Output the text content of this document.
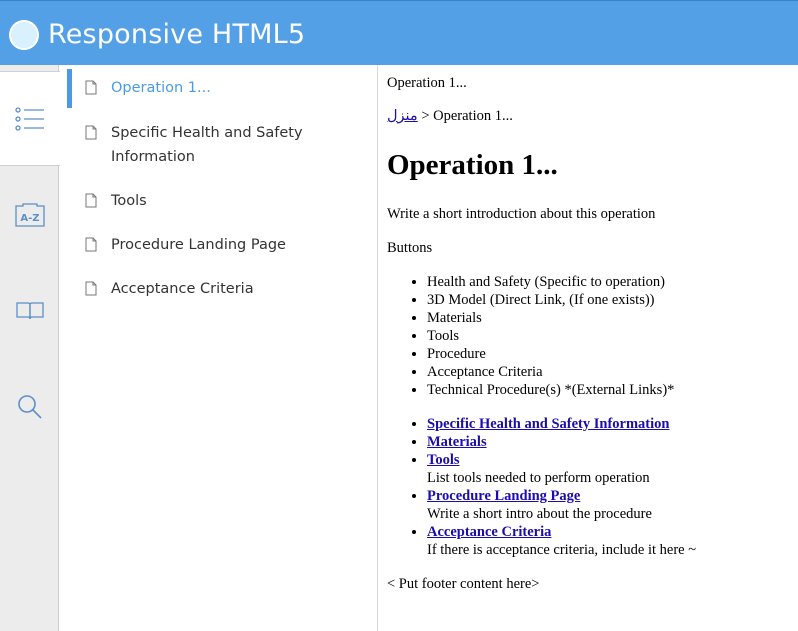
Responsive HTML5
A-Z
Operation 1...
Specific Health and Safety Information
Tools
Procedure Landing Page
Acceptance Criteria
Operation 1...
منزل > Operation 1...
Operation 1...

Write a short introduction about this operation

Buttons

• Health and Safety (Specific to operation)
• 3D Model (Direct Link, (If one exists))
• Materials
• Tools
• Procedure
• Acceptance Criteria
• Technical Procedure(s) *(External Links)*
• Specific Health and Safety Information
• Materials
• Tools
List tools needed to perform operation
• Procedure Landing Page
Write a short intro about the procedure
• Acceptance Criteria
If there is acceptance criteria, include it here ~

< Put footer content here>
